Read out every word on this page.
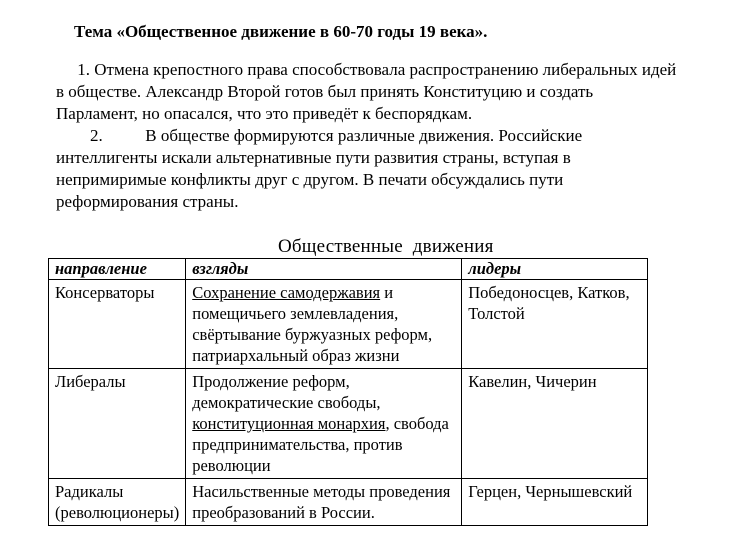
Тема «Общественное движение в 60-70 годы 19 века».
1. Отмена крепостного права способствовала распространению либеральных идей
в обществе. Александр Второй готов был принять Конституцию и создать
Парламент, но опасался, что это приведёт к беспорядкам.
2.          В обществе формируются различные движения. Российские
интеллигенты искали альтернативные пути развития страны, вступая в
непримиримые конфликты друг с другом. В печати обсуждались пути
реформирования страны.
Общественные  движения
направление	взгляды	лидеры

Консерваторы	Сохранение самодержавия и
помещичьего землевладения,
свёртывание буржуазных реформ,
патриархальный образ жизни	Победоносцев, Катков,
Толстой

Либералы	Продолжение реформ,
демократические свободы,
конституционная монархия, свобода
предпринимательства, против
революции	Кавелин, Чичерин

Радикалы
(революционеры)	Насильственные методы проведения
преобразований в России.	Герцен, Чернышевский
